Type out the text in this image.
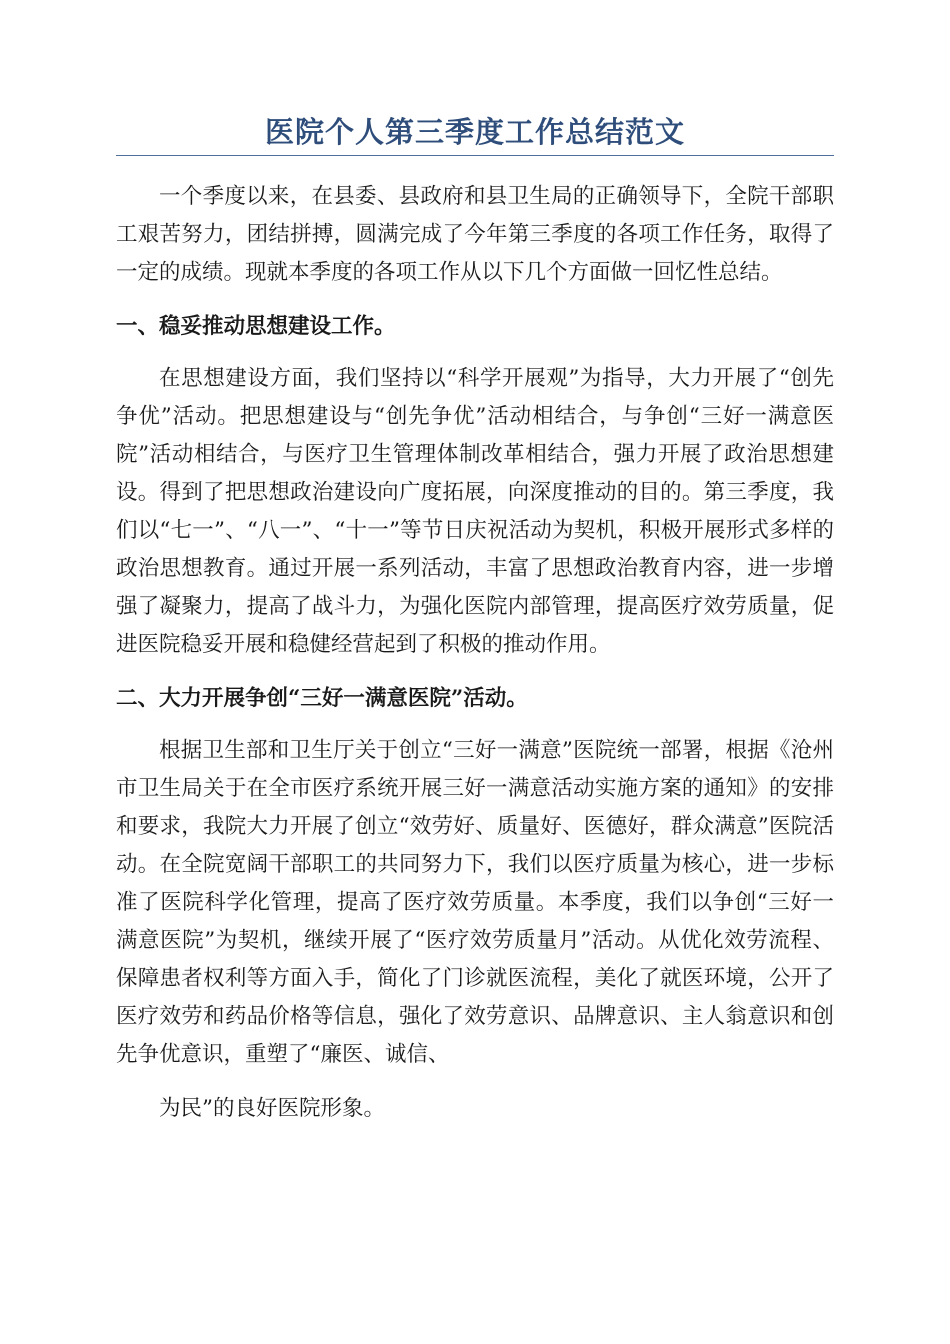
医院个人第三季度工作总结范文

一个季度以来，在县委、县政府和县卫生局的正确领导下，全院干部职工艰苦努力，团结拼搏，圆满完成了今年第三季度的各项工作任务，取得了一定的成绩。现就本季度的各项工作从以下几个方面做一回忆性总结。

一、稳妥推动思想建设工作。

在思想建设方面，我们坚持以“科学开展观”为指导，大力开展了“创先争优”活动。把思想建设与“创先争优”活动相结合，与争创“三好一满意医院”活动相结合，与医疗卫生管理体制改革相结合，强力开展了政治思想建设。得到了把思想政治建设向广度拓展，向深度推动的目的。第三季度，我们以“七一”、“八一”、“十一”等节日庆祝活动为契机，积极开展形式多样的政治思想教育。通过开展一系列活动，丰富了思想政治教育内容，进一步增强了凝聚力，提高了战斗力，为强化医院内部管理，提高医疗效劳质量，促进医院稳妥开展和稳健经营起到了积极的推动作用。

二、大力开展争创“三好一满意医院”活动。

根据卫生部和卫生厅关于创立“三好一满意”医院统一部署，根据《沧州市卫生局关于在全市医疗系统开展三好一满意活动实施方案的通知》的安排和要求，我院大力开展了创立“效劳好、质量好、医德好，群众满意”医院活动。在全院宽阔干部职工的共同努力下，我们以医疗质量为核心，进一步标准了医院科学化管理，提高了医疗效劳质量。本季度，我们以争创“三好一满意医院”为契机，继续开展了“医疗效劳质量月”活动。从优化效劳流程、保障患者权利等方面入手，简化了门诊就医流程，美化了就医环境，公开了医疗效劳和药品价格等信息，强化了效劳意识、品牌意识、主人翁意识和创先争优意识，重塑了“廉医、诚信、

为民”的良好医院形象。
